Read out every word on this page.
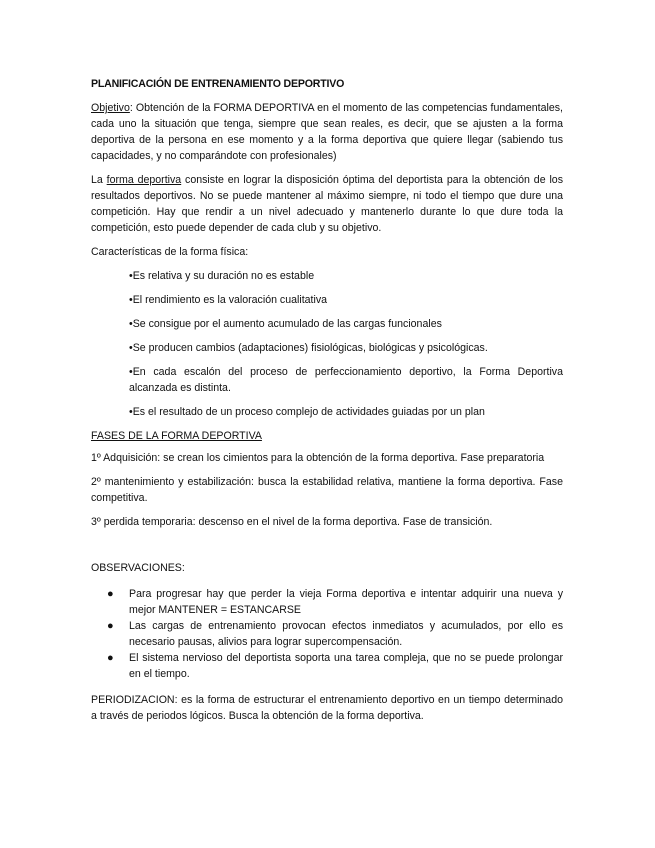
PLANIFICACIÓN DE ENTRENAMIENTO DEPORTIVO

Objetivo: Obtención de la FORMA DEPORTIVA en el momento de las competencias fundamentales, cada uno la situación que tenga, siempre que sean reales, es decir, que se ajusten a la forma deportiva de la persona en ese momento y a la forma deportiva que quiere llegar (sabiendo tus capacidades, y no comparándote con profesionales)

La forma deportiva consiste en lograr la disposición óptima del deportista para la obtención de los resultados deportivos. No se puede mantener al máximo siempre, ni todo el tiempo que dure una competición. Hay que rendir a un nivel adecuado y mantenerlo durante lo que dure toda la competición, esto puede depender de cada club y su objetivo.

Características de la forma física:

•Es relativa y su duración no es estable

•El rendimiento es la valoración cualitativa

•Se consigue por el aumento acumulado de las cargas funcionales

•Se producen cambios (adaptaciones) fisiológicas, biológicas y psicológicas.

•En cada escalón del proceso de perfeccionamiento deportivo, la Forma Deportiva alcanzada es distinta.

•Es el resultado de un proceso complejo de actividades guiadas por un plan

FASES DE LA FORMA DEPORTIVA

1º Adquisición: se crean los cimientos para la obtención de la forma deportiva. Fase preparatoria

2º mantenimiento y estabilización: busca la estabilidad relativa, mantiene la forma deportiva. Fase competitiva.

3º perdida temporaria: descenso en el nivel de la forma deportiva. Fase de transición.

OBSERVACIONES:

● Para progresar hay que perder la vieja Forma deportiva e intentar adquirir una nueva y mejor MANTENER = ESTANCARSE
● Las cargas de entrenamiento provocan efectos inmediatos y acumulados, por ello es necesario pausas, alivios para lograr supercompensación.
● El sistema nervioso del deportista soporta una tarea compleja, que no se puede prolongar en el tiempo.

PERIODIZACION: es la forma de estructurar el entrenamiento deportivo en un tiempo determinado a través de periodos lógicos. Busca la obtención de la forma deportiva.
